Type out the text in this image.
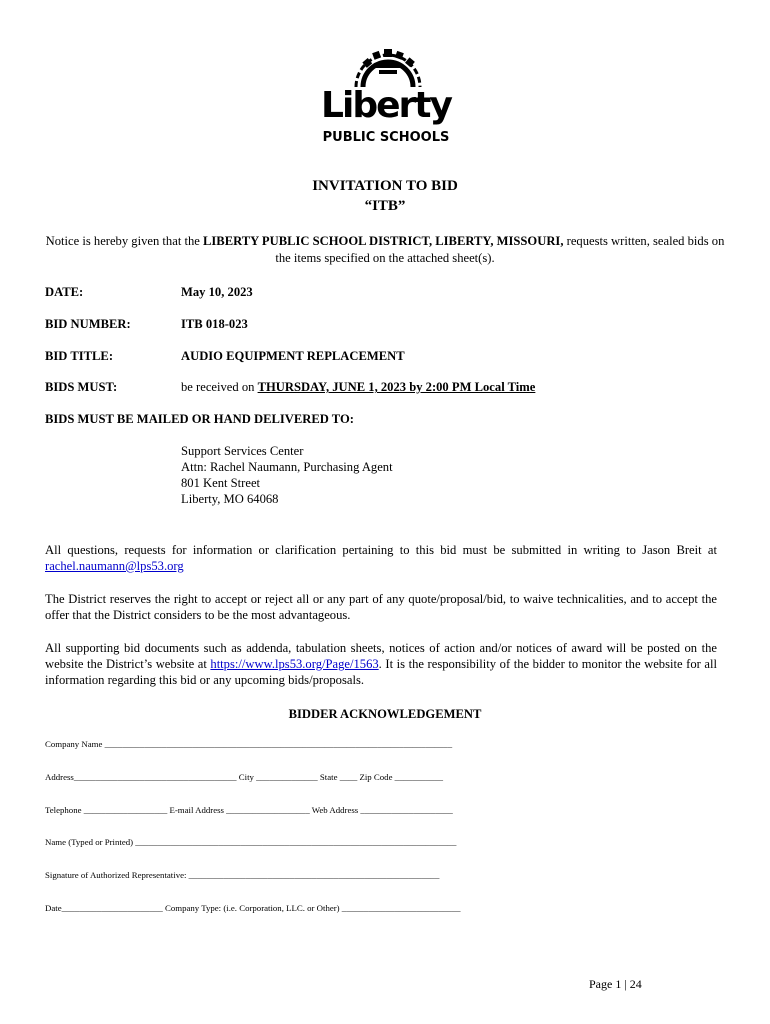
Liberty
PUBLIC SCHOOLS
INVITATION TO BID
“ITB”
Notice is hereby given that the LIBERTY PUBLIC SCHOOL DISTRICT, LIBERTY, MISSOURI, requests written, sealed bids on the items specified on the attached sheet(s).
DATE:	May 10, 2023
BID NUMBER:	ITB 018-023
BID TITLE:	AUDIO EQUIPMENT REPLACEMENT
BIDS MUST:	be received on THURSDAY, JUNE 1, 2023 by 2:00 PM Local Time
BIDS MUST BE MAILED OR HAND DELIVERED TO:
Support Services Center
Attn: Rachel Naumann, Purchasing Agent
801 Kent Street
Liberty, MO 64068
All questions, requests for information or clarification pertaining to this bid must be submitted in writing to Jason Breit at rachel.naumann@lps53.org
The District reserves the right to accept or reject all or any part of any quote/proposal/bid, to waive technicalities, and to accept the offer that the District considers to be the most advantageous.
All supporting bid documents such as addenda, tabulation sheets, notices of action and/or notices of award will be posted on the website the District’s website at https://www.lps53.org/Page/1563. It is the responsibility of the bidder to monitor the website for all information regarding this bid or any upcoming bids/proposals.
BIDDER ACKNOWLEDGEMENT
Company Name _______________________________________________________________________________
Address_____________________________________ City ______________ State ____ Zip Code ___________
Telephone ___________________ E-mail Address ___________________ Web Address _____________________
Name (Typed or Printed) _________________________________________________________________________
Signature of Authorized Representative: _________________________________________________________
Date_______________________ Company Type: (i.e. Corporation, LLC. or Other) ___________________________
Page 1 | 24
